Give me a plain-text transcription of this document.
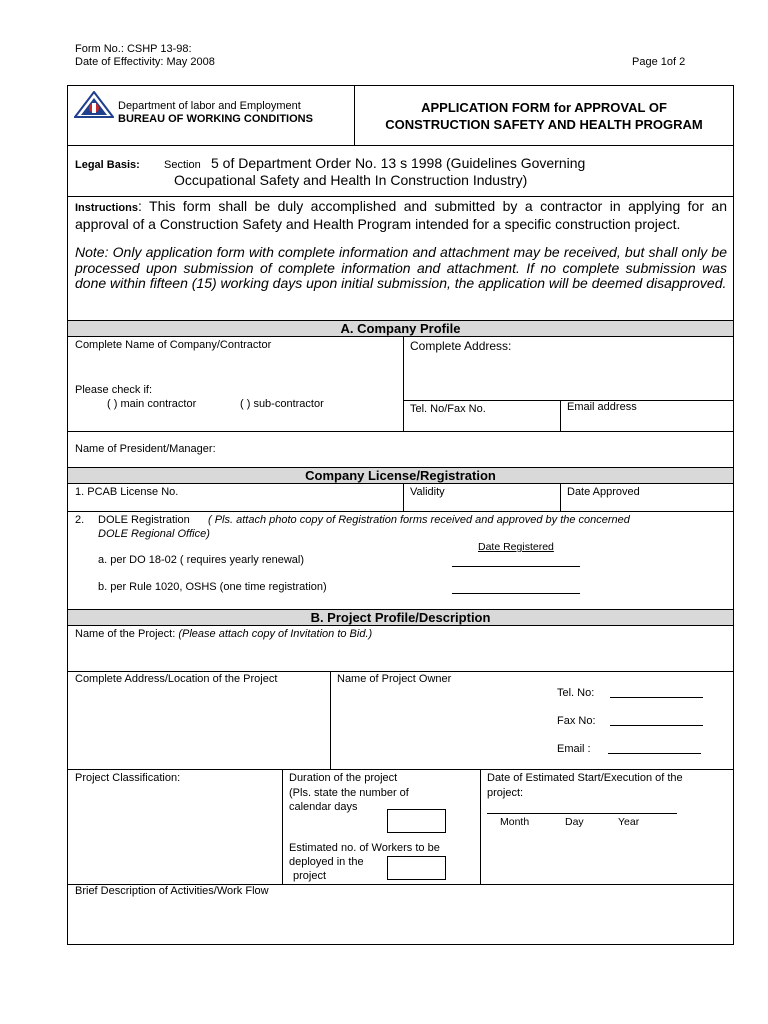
Form No.: CSHP 13-98:
Date of Effectivity: May 2008	Page 1of 2
Department of labor and Employment
BUREAU OF WORKING CONDITIONS
APPLICATION FORM for APPROVAL OF
CONSTRUCTION SAFETY AND HEALTH PROGRAM
Legal Basis: Section 5 of Department Order No. 13 s 1998 (Guidelines Governing
Occupational Safety and Health In Construction Industry)
Instructions: This form shall be duly accomplished and submitted by a contractor in applying for an approval of a Construction Safety and Health Program intended for a specific construction project.
Note: Only application form with complete information and attachment may be received, but shall only be processed upon submission of complete information and attachment. If no complete submission was done within fifteen (15) working days upon initial submission, the application will be deemed disapproved.
A. Company Profile
Complete Name of Company/Contractor	Complete Address:
Please check if:
( ) main contractor	( ) sub-contractor	Tel. No/Fax No.	Email address
Name of President/Manager:
Company License/Registration
1. PCAB License No.	Validity	Date Approved
2. DOLE Registration ( Pls. attach photo copy of Registration forms received and approved by the concerned
DOLE Regional Office)
Date Registered
a. per DO 18-02 ( requires yearly renewal)
b. per Rule 1020, OSHS (one time registration)
B. Project Profile/Description
Name of the Project: (Please attach copy of Invitation to Bid.)
Complete Address/Location of the Project	Name of Project Owner
Tel. No:
Fax No:
Email :
Project Classification:	Duration of the project
(Pls. state the number of
calendar days
Estimated no. of Workers to be
deployed in the
project
Date of Estimated Start/Execution of the
project:
Month	Day	Year
Brief Description of Activities/Work Flow
